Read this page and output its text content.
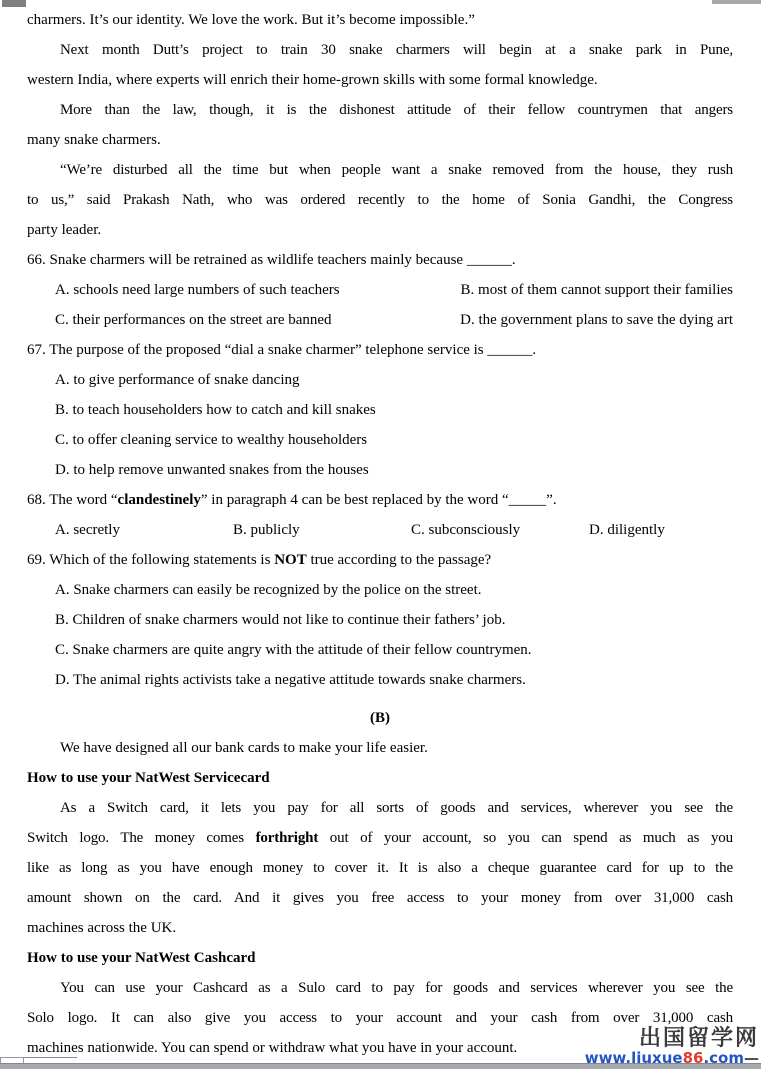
charmers. It’s our identity. We love the work. But it’s become impossible.”
Next month Dutt’s project to train 30 snake charmers will begin at a snake park in Pune,
western India, where experts will enrich their home-grown skills with some formal knowledge.
More than the law, though, it is the dishonest attitude of their fellow countrymen that angers
many snake charmers.
“We’re disturbed all the time but when people want a snake removed from the house, they rush
to us,” said Prakash Nath, who was ordered recently to the home of Sonia Gandhi, the Congress
party leader.
66. Snake charmers will be retrained as wildlife teachers mainly because ______.
A. schools need large numbers of such teachers	B. most of them cannot support their families
C. their performances on the street are banned	D. the government plans to save the dying art
67. The purpose of the proposed “dial a snake charmer” telephone service is ______.
A. to give performance of snake dancing
B. to teach householders how to catch and kill snakes
C. to offer cleaning service to wealthy householders
D. to help remove unwanted snakes from the houses
68. The word “clandestinely” in paragraph 4 can be best replaced by the word “_____”.
A. secretly	B. publicly	C. subconsciously	D. diligently
69. Which of the following statements is NOT true according to the passage?
A. Snake charmers can easily be recognized by the police on the street.
B. Children of snake charmers would not like to continue their fathers’ job.
C. Snake charmers are quite angry with the attitude of their fellow countrymen.
D. The animal rights activists take a negative attitude towards snake charmers.
(B)
We have designed all our bank cards to make your life easier.
How to use your NatWest Servicecard
As a Switch card, it lets you pay for all sorts of goods and services, wherever you see the
Switch logo. The money comes forthright out of your account, so you can spend as much as you
like as long as you have enough money to cover it. It is also a cheque guarantee card for up to the
amount shown on the card. And it gives you free access to your money from over 31,000 cash
machines across the UK.
How to use your NatWest Cashcard
You can use your Cashcard as a Sulo card to pay for goods and services wherever you see the
Solo logo. It can also give you access to your account and your cash from over 31,000 cash
machines nationwide. You can spend or withdraw what you have in your account.	出国留学网
www.liuxue86.com—
